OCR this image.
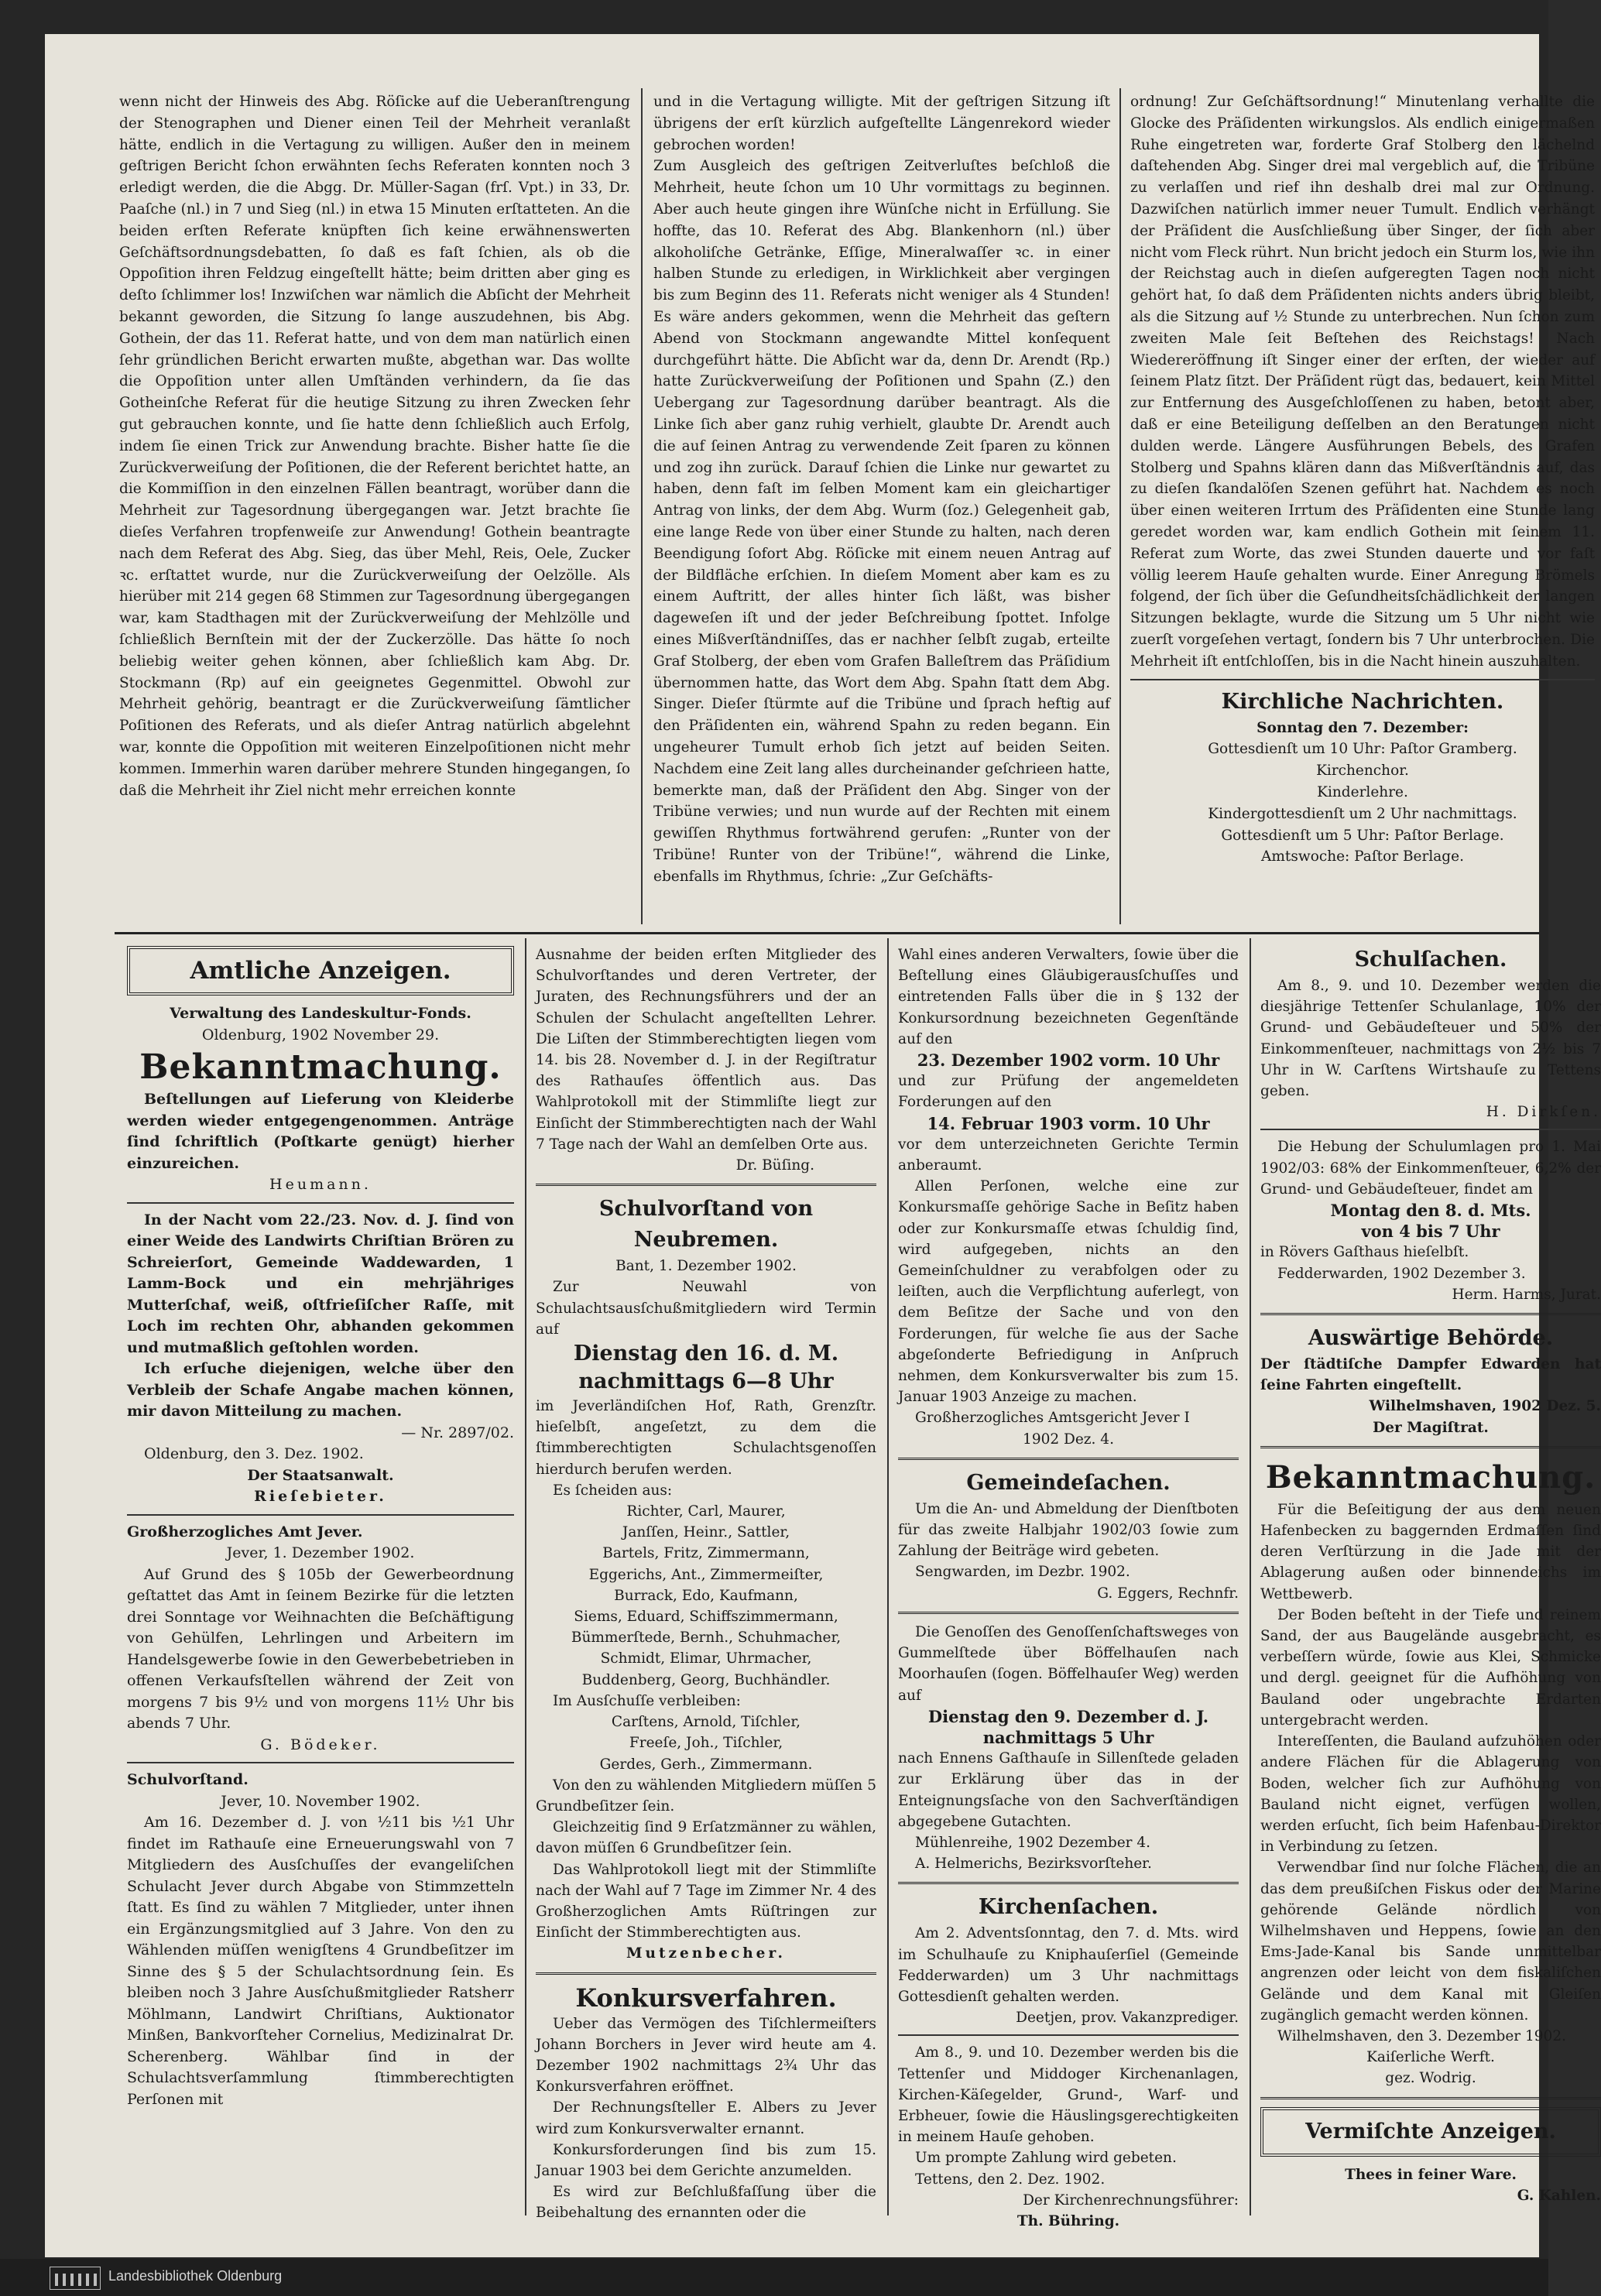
wenn nicht der Hinweis des Abg. Röſicke auf die Ueberanſtrengung der Stenographen und Diener einen Teil der Mehrheit veranlaßt hätte, endlich in die Vertagung zu willigen. Außer den in meinem geſtrigen Bericht ſchon erwähnten ſechs Referaten konnten noch 3 erledigt werden, die die Abgg. Dr. Müller-Sagan (frſ. Vpt.) in 33, Dr. Paaſche (nl.) in 7 und Sieg (nl.) in etwa 15 Minuten erſtatteten. An die beiden erſten Referate knüpften ſich keine erwähnenswerten Geſchäftsordnungsdebatten, ſo daß es faſt ſchien, als ob die Oppoſition ihren Feldzug eingeſtellt hätte; beim dritten aber ging es deſto ſchlimmer los! Inzwiſchen war nämlich die Abſicht der Mehrheit bekannt geworden, die Sitzung ſo lange auszudehnen, bis Abg. Gothein, der das 11. Referat hatte, und von dem man natürlich einen ſehr gründlichen Bericht erwarten mußte, abgethan war. Das wollte die Oppoſition unter allen Umſtänden verhindern, da ſie das Gotheinſche Referat für die heutige Sitzung zu ihren Zwecken ſehr gut gebrauchen konnte, und ſie hatte denn ſchließlich auch Erfolg, indem ſie einen Trick zur Anwendung brachte. Bisher hatte ſie die Zurückverweiſung der Poſitionen, die der Referent berichtet hatte, an die Kommiſſion in den einzelnen Fällen beantragt, worüber dann die Mehrheit zur Tagesordnung übergegangen war. Jetzt brachte ſie dieſes Verfahren tropfenweiſe zur Anwendung! Gothein beantragte nach dem Referat des Abg. Sieg, das über Mehl, Reis, Oele, Zucker ꝛc. erſtattet wurde, nur die Zurückverweiſung der Oelzölle. Als hierüber mit 214 gegen 68 Stimmen zur Tagesordnung übergegangen war, kam Stadthagen mit der Zurückverweiſung der Mehlzölle und ſchließlich Bernſtein mit der der Zuckerzölle. Das hätte ſo noch beliebig weiter gehen können, aber ſchließlich kam Abg. Dr. Stockmann (Rp) auf ein geeignetes Gegenmittel. Obwohl zur Mehrheit gehörig, beantragt er die Zurückverweiſung ſämtlicher Poſitionen des Referats, und als dieſer Antrag natürlich abgelehnt war, konnte die Oppoſition mit weiteren Einzelpoſitionen nicht mehr kommen. Immerhin waren darüber mehrere Stunden hingegangen, ſo daß die Mehrheit ihr Ziel nicht mehr erreichen konnte

und in die Vertagung willigte. Mit der geſtrigen Sitzung iſt übrigens der erſt kürzlich aufgeſtellte Längenrekord wieder gebrochen worden!
Zum Ausgleich des geſtrigen Zeitverluſtes beſchloß die Mehrheit, heute ſchon um 10 Uhr vormittags zu beginnen. Aber auch heute gingen ihre Wünſche nicht in Erfüllung. Sie hoffte, das 10. Referat des Abg. Blankenhorn (nl.) über alkoholiſche Getränke, Eſſige, Mineralwaſſer ꝛc. in einer halben Stunde zu erledigen, in Wirklichkeit aber vergingen bis zum Beginn des 11. Referats nicht weniger als 4 Stunden! Es wäre anders gekommen, wenn die Mehrheit das geſtern Abend von Stockmann angewandte Mittel konſequent durchgeführt hätte. Die Abſicht war da, denn Dr. Arendt (Rp.) hatte Zurückverweiſung der Poſitionen und Spahn (Z.) den Uebergang zur Tagesordnung darüber beantragt. Als die Linke ſich aber ganz ruhig verhielt, glaubte Dr. Arendt auch die auf ſeinen Antrag zu verwendende Zeit ſparen zu können und zog ihn zurück. Darauf ſchien die Linke nur gewartet zu haben, denn faſt im ſelben Moment kam ein gleichartiger Antrag von links, der dem Abg. Wurm (ſoz.) Gelegenheit gab, eine lange Rede von über einer Stunde zu halten, nach deren Beendigung ſofort Abg. Röſicke mit einem neuen Antrag auf der Bildfläche erſchien. In dieſem Moment aber kam es zu einem Auftritt, der alles hinter ſich läßt, was bisher dageweſen iſt und der jeder Beſchreibung ſpottet. Infolge eines Mißverſtändniſſes, das er nachher ſelbſt zugab, erteilte Graf Stolberg, der eben vom Grafen Balleſtrem das Präſidium übernommen hatte, das Wort dem Abg. Spahn ſtatt dem Abg. Singer. Dieſer ſtürmte auf die Tribüne und ſprach heftig auf den Präſidenten ein, während Spahn zu reden begann. Ein ungeheurer Tumult erhob ſich jetzt auf beiden Seiten. Nachdem eine Zeit lang alles durcheinander geſchrieen hatte, bemerkte man, daß der Präſident den Abg. Singer von der Tribüne verwies; und nun wurde auf der Rechten mit einem gewiſſen Rhythmus fortwährend gerufen: „Runter von der Tribüne! Runter von der Tribüne!“, während die Linke, ebenfalls im Rhythmus, ſchrie: „Zur Geſchäfts-

ordnung! Zur Geſchäftsordnung!“ Minutenlang verhallte die Glocke des Präſidenten wirkungslos. Als endlich einigermaßen Ruhe eingetreten war, forderte Graf Stolberg den lächelnd daſtehenden Abg. Singer drei mal vergeblich auf, die Tribüne zu verlaſſen und rief ihn deshalb drei mal zur Ordnung. Dazwiſchen natürlich immer neuer Tumult. Endlich verhängt der Präſident die Ausſchließung über Singer, der ſich aber nicht vom Fleck rührt. Nun bricht jedoch ein Sturm los, wie ihn der Reichstag auch in dieſen aufgeregten Tagen noch nicht gehört hat, ſo daß dem Präſidenten nichts anders übrig bleibt, als die Sitzung auf ½ Stunde zu unterbrechen. Nun ſchon zum zweiten Male ſeit Beſtehen des Reichstags! Nach Wiedereröffnung iſt Singer einer der erſten, der wieder auf ſeinem Platz ſitzt. Der Präſident rügt das, bedauert, kein Mittel zur Entfernung des Ausgeſchloſſenen zu haben, betont aber, daß er eine Beteiligung deſſelben an den Beratungen nicht dulden werde. Längere Ausführungen Bebels, des Grafen Stolberg und Spahns klären dann das Mißverſtändnis auf, das zu dieſen ſkandalöſen Szenen geführt hat. Nachdem es noch über einen weiteren Irrtum des Präſidenten eine Stunde lang geredet worden war, kam endlich Gothein mit ſeinem 11. Referat zum Worte, das zwei Stunden dauerte und vor faſt völlig leerem Hauſe gehalten wurde. Einer Anregung Brömels folgend, der ſich über die Geſundheitsſchädlichkeit der langen Sitzungen beklagte, wurde die Sitzung um 5 Uhr nicht wie zuerſt vorgeſehen vertagt, ſondern bis 7 Uhr unterbrochen. Die Mehrheit iſt entſchloſſen, bis in die Nacht hinein auszuhalten.

Kirchliche Nachrichten.
Sonntag den 7. Dezember:
Gottesdienſt um 10 Uhr: Paſtor Gramberg.
Kirchenchor.
Kinderlehre.
Kindergottesdienſt um 2 Uhr nachmittags.
Gottesdienſt um 5 Uhr: Paſtor Berlage.
Amtswoche: Paſtor Berlage.
Amtliche Anzeigen.
Verwaltung des Landeskultur-Fonds.
Oldenburg, 1902 November 29.
Bekanntmachung.

Beſtellungen auf Lieferung von Kleiderbe werden wieder entgegengenommen. Anträge ſind ſchriftlich (Poſtkarte genügt) hierher einzureichen.

Heumann.

In der Nacht vom 22./23. Nov. d. J. ſind von einer Weide des Landwirts Chriſtian Brören zu Schreierſort, Gemeinde Waddewarden, 1 Lamm-Bock und ein mehrjähriges Mutterſchaf, weiß, oſtfrieſiſcher Raſſe, mit Loch im rechten Ohr, abhanden gekommen und mutmaßlich geſtohlen worden.

Ich erſuche diejenigen, welche über den Verbleib der Schafe Angabe machen können, mir davon Mitteilung zu machen.

— Nr. 2897/02.
Oldenburg, den 3. Dez. 1902.
Der Staatsanwalt.
Rieſebieter.
Großherzogliches Amt Jever.
Jever, 1. Dezember 1902.

Auf Grund des § 105b der Gewerbeordnung geſtattet das Amt in ſeinem Bezirke für die letzten drei Sonntage vor Weihnachten die Beſchäftigung von Gehülfen, Lehrlingen und Arbeitern im Handelsgewerbe ſowie in den Gewerbebetrieben in offenen Verkaufsſtellen während der Zeit von morgens 7 bis 9½ und von morgens 11½ Uhr bis abends 7 Uhr.

G. Bödeker.
Schulvorſtand.
Jever, 10. November 1902.

Am 16. Dezember d. J. von ½11 bis ½1 Uhr findet im Rathauſe eine Erneuerungswahl von 7 Mitgliedern des Ausſchuſſes der evangeliſchen Schulacht Jever durch Abgabe von Stimmzetteln ſtatt. Es ſind zu wählen 7 Mitglieder, unter ihnen ein Ergänzungsmitglied auf 3 Jahre. Von den zu Wählenden müſſen wenigſtens 4 Grundbeſitzer im Sinne des § 5 der Schulachtsordnung ſein. Es bleiben noch 3 Jahre Ausſchußmitglieder Ratsherr Möhlmann, Landwirt Chriſtians, Auktionator Minßen, Bankvorſteher Cornelius, Medizinalrat Dr. Scherenberg. Wählbar ſind in der Schulachtsverſammlung ſtimmberechtigten Perſonen mit

Ausnahme der beiden erſten Mitglieder des Schulvorſtandes und deren Vertreter, der Juraten, des Rechnungsführers und der an Schulen der Schulacht angeſtellten Lehrer. Die Liſten der Stimmberechtigten liegen vom 14. bis 28. November d. J. in der Regiſtratur des Rathauſes öffentlich aus. Das Wahlprotokoll mit der Stimmliſte liegt zur Einſicht der Stimmberechtigten nach der Wahl 7 Tage nach der Wahl an demſelben Orte aus.

Dr. Büſing.
Schulvorſtand von Neubremen.
Bant, 1. Dezember 1902.

Zur Neuwahl von Schulachtsausſchußmitgliedern wird Termin auf

Dienstag den 16. d. M.
nachmittags 6—8 Uhr

im Jeverländiſchen Hof, Rath, Grenzſtr. hieſelbſt, angeſetzt, zu dem die ſtimmberechtigten Schulachtsgenoſſen hierdurch berufen werden.

Es ſcheiden aus:
Richter, Carl, Maurer,
Janſſen, Heinr., Sattler,
Bartels, Fritz, Zimmermann,
Eggerichs, Ant., Zimmermeiſter,
Burrack, Edo, Kaufmann,
Siems, Eduard, Schiffszimmermann,
Bümmerſtede, Bernh., Schuhmacher,
Schmidt, Elimar, Uhrmacher,
Buddenberg, Georg, Buchhändler.
Im Ausſchuſſe verbleiben:
Carſtens, Arnold, Tiſchler,
Freeſe, Joh., Tiſchler,
Gerdes, Gerh., Zimmermann.

Von den zu wählenden Mitgliedern müſſen 5 Grundbeſitzer ſein.

Gleichzeitig ſind 9 Erſatzmänner zu wählen, davon müſſen 6 Grundbeſitzer ſein.

Das Wahlprotokoll liegt mit der Stimmliſte nach der Wahl auf 7 Tage im Zimmer Nr. 4 des Großherzoglichen Amts Rüſtringen zur Einſicht der Stimmberechtigten aus.

Mutzenbecher.
Konkursverfahren.

Ueber das Vermögen des Tiſchlermeiſters Johann Borchers in Jever wird heute am 4. Dezember 1902 nachmittags 2¾ Uhr das Konkursverfahren eröffnet.

Der Rechnungsſteller E. Albers zu Jever wird zum Konkursverwalter ernannt.

Konkursforderungen ſind bis zum 15. Januar 1903 bei dem Gerichte anzumelden.

Es wird zur Beſchlußfaſſung über die Beibehaltung des ernannten oder die

Wahl eines anderen Verwalters, ſowie über die Beſtellung eines Gläubigerausſchuſſes und eintretenden Falls über die in § 132 der Konkursordnung bezeichneten Gegenſtände auf den

23. Dezember 1902 vorm. 10 Uhr

und zur Prüfung der angemeldeten Forderungen auf den

14. Februar 1903 vorm. 10 Uhr

vor dem unterzeichneten Gerichte Termin anberaumt.

Allen Perſonen, welche eine zur Konkursmaſſe gehörige Sache in Beſitz haben oder zur Konkursmaſſe etwas ſchuldig ſind, wird aufgegeben, nichts an den Gemeinſchuldner zu verabfolgen oder zu leiſten, auch die Verpflichtung auferlegt, von dem Beſitze der Sache und von den Forderungen, für welche ſie aus der Sache abgeſonderte Befriedigung in Anſpruch nehmen, dem Konkursverwalter bis zum 15. Januar 1903 Anzeige zu machen.

Großherzogliches Amtsgericht Jever I
1902 Dez. 4.
Gemeindeſachen.

Um die An- und Abmeldung der Dienſtboten für das zweite Halbjahr 1902/03 ſowie zum Zahlung der Beiträge wird gebeten.

Sengwarden, im Dezbr. 1902.
G. Eggers, Rechnfr.

Die Genoſſen des Genoſſenſchaftsweges von Gummelſtede über Böffelhauſen nach Moorhauſen (ſogen. Böffelhauſer Weg) werden auf

Dienstag den 9. Dezember d. J.
nachmittags 5 Uhr

nach Ennens Gaſthauſe in Sillenſtede geladen zur Erklärung über das in der Enteignungsſache von den Sachverſtändigen abgegebene Gutachten.

Mühlenreihe, 1902 Dezember 4.
A. Helmerichs, Bezirksvorſteher.
Kirchenſachen.

Am 2. Adventsſonntag, den 7. d. Mts. wird im Schulhauſe zu Kniphauſerſiel (Gemeinde Fedderwarden) um 3 Uhr nachmittags Gottesdienſt gehalten werden.

Deetjen, prov. Vakanzprediger.

Am 8., 9. und 10. Dezember werden bis die Tettenſer und Middoger Kirchenanlagen, Kirchen-Käſegelder, Grund-, Warf- und Erbheuer, ſowie die Häuslingsgerechtigkeiten in meinem Hauſe gehoben.

Um prompte Zahlung wird gebeten.

Tettens, den 2. Dez. 1902.
Der Kirchenrechnungsführer:
Th. Bühring.
Schulſachen.

Am 8., 9. und 10. Dezember werden die diesjährige Tettenſer Schulanlage, 10% der Grund- und Gebäudeſteuer und 50% der Einkommenſteuer, nachmittags von 2½ bis 7 Uhr in W. Carſtens Wirtshauſe zu Tettens geben.

H. Dirkſen.

Die Hebung der Schulumlagen pro 1. Mai 1902/03: 68% der Einkommenſteuer, 6,2% der Grund- und Gebäudeſteuer, findet am

Montag den 8. d. Mts.
von 4 bis 7 Uhr

in Rövers Gaſthaus hieſelbſt.

Fedderwarden, 1902 Dezember 3.
Herm. Harms, Jurat.
Auswärtige Behörde.

Der ſtädtiſche Dampfer Edwarden hat ſeine Fahrten eingeſtellt.

Wilhelmshaven, 1902 Dez. 5.
Der Magiſtrat.
Bekanntmachung.

Für die Beſeitigung der aus dem neuen Hafenbecken zu baggernden Erdmaſſen ſind deren Verſtürzung in die Jade mit der Ablagerung außen oder binnendeichs im Wettbewerb.

Der Boden beſteht in der Tiefe und reinem Sand, der aus Baugelände ausgebracht, es verbeſſern würde, ſowie aus Klei, Schmicke und dergl. geeignet für die Aufhöhung von Bauland oder ungebrachte Erdarten untergebracht werden.

Intereſſenten, die Bauland aufzuhöhen oder andere Flächen für die Ablagerung von Boden, welcher ſich zur Aufhöhung von Bauland nicht eignet, verfügen wollen, werden erſucht, ſich beim Hafenbau-Direktor in Verbindung zu ſetzen.

Verwendbar ſind nur ſolche Flächen, die an das dem preußiſchen Fiskus oder der Marine gehörende Gelände nördlich von Wilhelmshaven und Heppens, ſowie an den Ems-Jade-Kanal bis Sande unmittelbar angrenzen oder leicht von dem fiskaliſchen Gelände und dem Kanal mit Gleiſen zugänglich gemacht werden können.

Wilhelmshaven, den 3. Dezember 1902.
Kaiſerliche Werft.
gez. Wodrig.
Vermiſchte Anzeigen.
Thees in feiner Ware.
G. Kahlen.
Landesbibliothek Oldenburg
